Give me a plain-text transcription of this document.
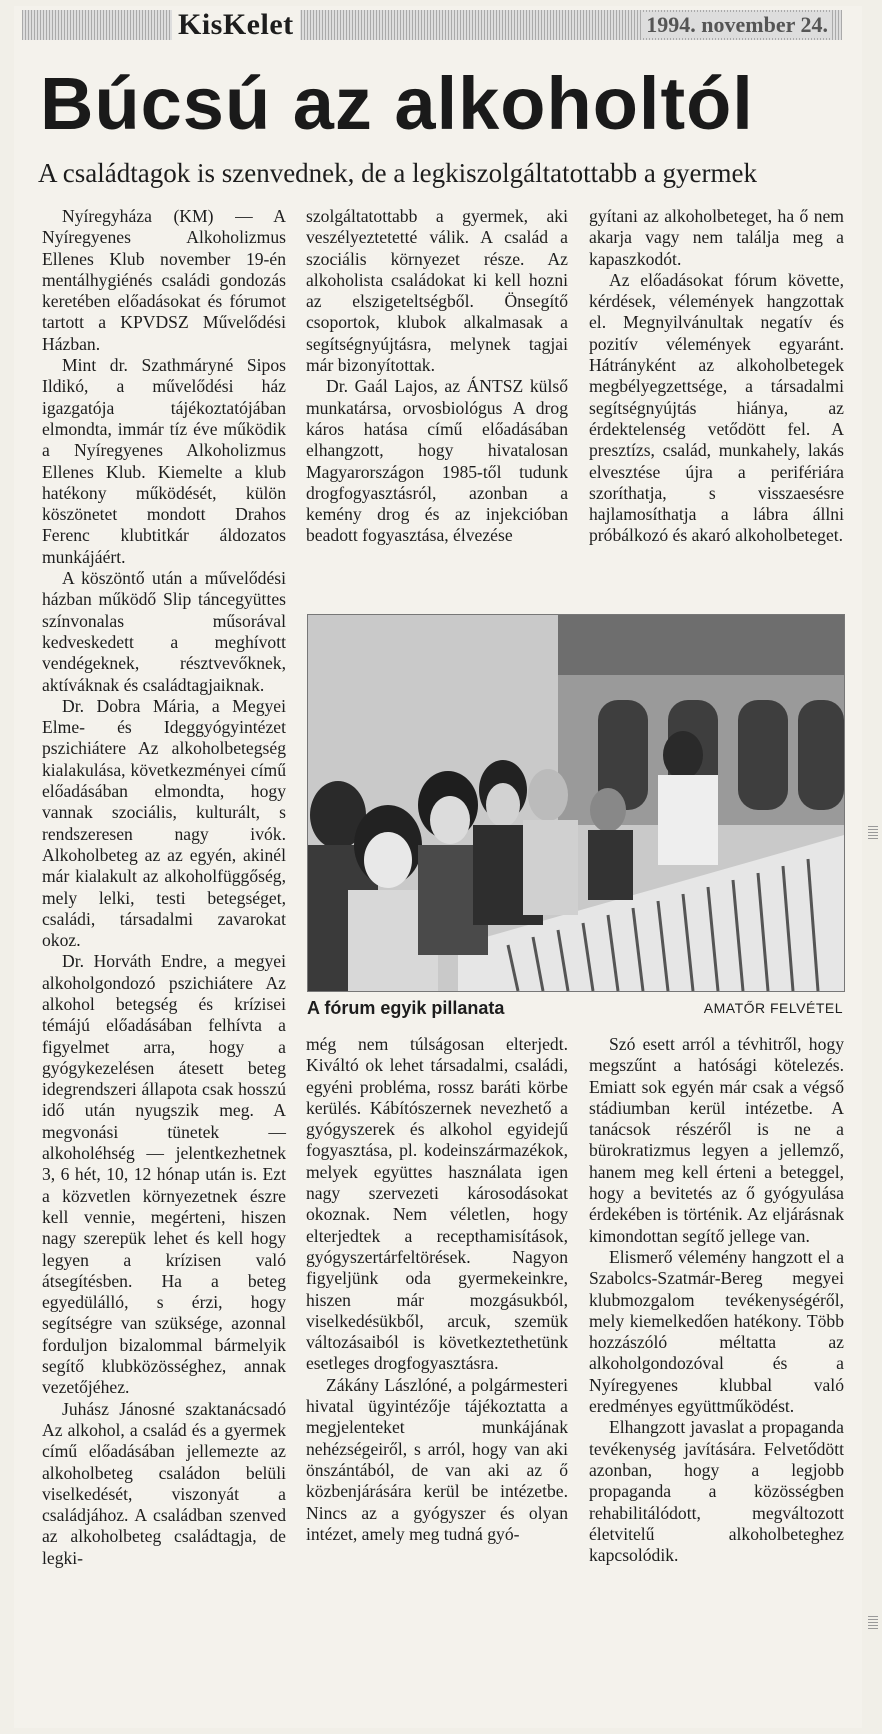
KisKelet	1994. november 24.
Búcsú az alkoholtól
A családtagok is szenvednek, de a legkiszolgáltatottabb a gyermek

Nyíregyháza (KM) — A Nyíregyenes Alkoholizmus Ellenes Klub november 19-én mentálhygiénés családi gondozás keretében előadásokat és fórumot tartott a KPVDSZ Művelődési Házban.

Mint dr. Szathmáryné Sipos Ildikó, a művelődési ház igazgatója tájékoztatójában elmondta, immár tíz éve működik a Nyíregyenes Alkoholizmus Ellenes Klub. Kiemelte a klub hatékony működését, külön köszönetet mondott Drahos Ferenc klubtitkár áldozatos munkájáért.

A köszöntő után a művelődési házban működő Slip táncegyüttes színvonalas műsorával kedveskedett a meghívott vendégeknek, résztvevőknek, aktíváknak és családtagjaiknak.

Dr. Dobra Mária, a Megyei Elme- és Ideggyógyintézet pszichiátere Az alkoholbetegség kialakulása, következményei című előadásában elmondta, hogy vannak szociális, kulturált, s rendszeresen nagy ivók. Alkoholbeteg az az egyén, akinél már kialakult az alkoholfüggőség, mely lelki, testi betegséget, családi, társadalmi zavarokat okoz.

Dr. Horváth Endre, a megyei alkoholgondozó pszichiátere Az alkohol betegség és krízisei témájú előadásában felhívta a figyelmet arra, hogy a gyógykezelésen átesett beteg idegrendszeri állapota csak hosszú idő után nyugszik meg. A megvonási tünetek — alkoholéhség — jelentkezhetnek 3, 6 hét, 10, 12 hónap után is. Ezt a közvetlen környezetnek észre kell vennie, megérteni, hiszen nagy szerepük lehet és kell hogy legyen a krízisen való átsegítésben. Ha a beteg egyedülálló, s érzi, hogy segítségre van szüksége, azonnal forduljon bizalommal bármelyik segítő klubközösséghez, annak vezetőjéhez.

Juhász Jánosné szaktanácsadó Az alkohol, a család és a gyermek című előadásában jellemezte az alkoholbeteg családon belüli viselkedését, viszonyát a családjához. A családban szenved az alkoholbeteg családtagja, de legki-

szolgáltatottabb a gyermek, aki veszélyeztetetté válik. A család a szociális környezet része. Az alkoholista családokat ki kell hozni az elszigeteltségből. Önsegítő csoportok, klubok alkalmasak a segítségnyújtásra, melynek tagjai már bizonyítottak.

Dr. Gaál Lajos, az ÁNTSZ külső munkatársa, orvosbiológus A drog káros hatása című előadásában elhangzott, hogy hivatalosan Magyarországon 1985-től tudunk drogfogyasztásról, azonban a kemény drog és az injekcióban beadott fogyasztása, élvezése

gyítani az alkoholbeteget, ha ő nem akarja vagy nem találja meg a kapaszkodót.

Az előadásokat fórum követte, kérdések, vélemények hangzottak el. Megnyilvánultak negatív és pozitív vélemények egyaránt. Hátrányként az alkoholbetegek megbélyegzettsége, a társadalmi segítségnyújtás hiánya, az érdektelenség vetődött fel. A presztízs, család, munkahely, lakás elvesztése újra a perifériára szoríthatja, s visszaesésre hajlamosíthatja a lábra állni próbálkozó és akaró alkoholbeteget.

A fórum egyik pillanata	AMATŐR FELVÉTEL

még nem túlságosan elterjedt. Kiváltó ok lehet társadalmi, családi, egyéni probléma, rossz baráti körbe kerülés. Kábítószernek nevezhető a gyógyszerek és alkohol egyidejű fogyasztása, pl. kodeinszármazékok, melyek együttes használata igen nagy szervezeti károsodásokat okoznak. Nem véletlen, hogy elterjedtek a recepthamisítások, gyógyszertárfeltörések. Nagyon figyeljünk oda gyermekeinkre, hiszen már mozgásukból, viselkedésükből, arcuk, szemük változásaiból is következtethetünk esetleges drogfogyasztásra.

Zákány Lászlóné, a polgármesteri hivatal ügyintézője tájékoztatta a megjelenteket munkájának nehézségeiről, s arról, hogy van aki önszántából, de van aki az ő közbenjárására kerül be intézetbe. Nincs az a gyógyszer és olyan intézet, amely meg tudná gyó-

Szó esett arról a tévhitről, hogy megszűnt a hatósági kötelezés. Emiatt sok egyén már csak a végső stádiumban kerül intézetbe. A tanácsok részéről is ne a bürokratizmus legyen a jellemző, hanem meg kell érteni a beteggel, hogy a bevitetés az ő gyógyulása érdekében is történik. Az eljárásnak kimondottan segítő jellege van.

Elismerő vélemény hangzott el a Szabolcs-Szatmár-Bereg megyei klubmozgalom tevékenységéről, mely kiemelkedően hatékony. Több hozzászóló méltatta az alkoholgondozóval és a Nyíregyenes klubbal való eredményes együttműködést.

Elhangzott javaslat a propaganda tevékenység javítására. Felvetődött azonban, hogy a legjobb propaganda a közösségben rehabilitálódott, megváltozott életvitelű alkoholbeteghez kapcsolódik.
